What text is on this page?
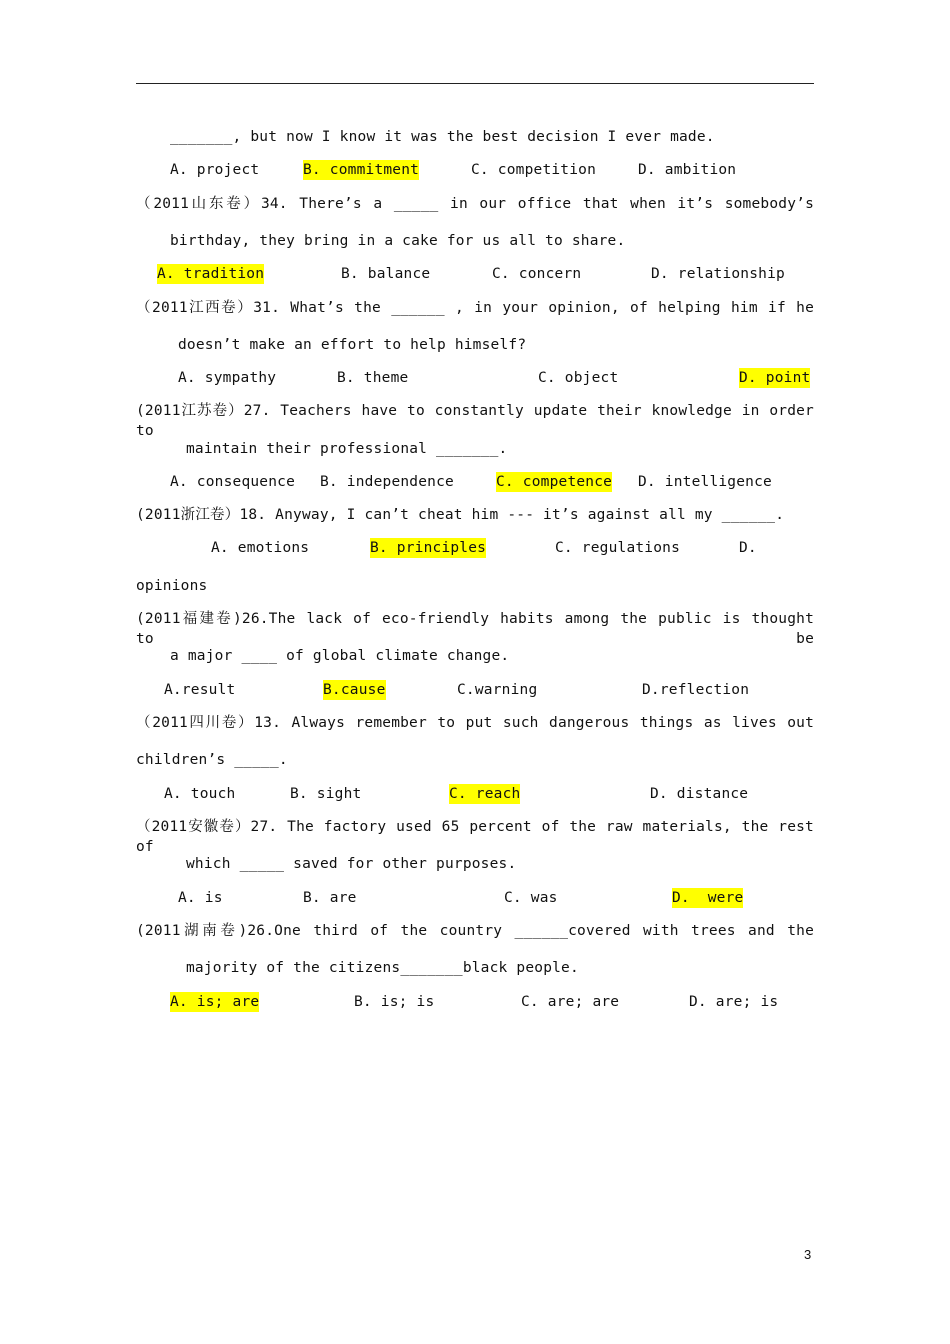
_______, but now I know it was the best decision I ever made.
A. project	B. commitment	C. competition	D. ambition
（2011山东卷）34. There’s a _____ in our office that when it’s somebody’s
birthday, they bring in a cake for us all to share.
A. tradition	B. balance	C. concern	D. relationship
（2011江西卷）31. What’s the ______ , in your opinion, of helping him if he
doesn’t make an effort to help himself?
A. sympathy	B. theme	C. object	D. point
(2011江苏卷）27. Teachers have to constantly update their knowledge in order to
maintain their professional _______.
A. consequence B. independence	C. competence D. intelligence
(2011浙江卷）18. Anyway, I can’t cheat him --- it’s against all my ______.
A. emotions	B. principles	C. regulations	D.
opinions
(2011福建卷)26.The lack of eco-friendly habits among the public is thought to be
a major ____ of global climate change.
A.result	B.cause	C.warning	D.reflection
（2011四川卷）13. Always remember to put such dangerous things as lives out
children’s _____.
A. touch	B. sight	C. reach	D. distance
（2011安徽卷）27. The factory used 65 percent of the raw materials, the rest of
which _____ saved for other purposes.
A. is	B. are	C. was	D.  were
(2011湖南卷)26.One third of the country ______covered with trees and the
majority of the citizens_______black people.
A. is; are	B. is; is	C. are; are	D. are; is
3
